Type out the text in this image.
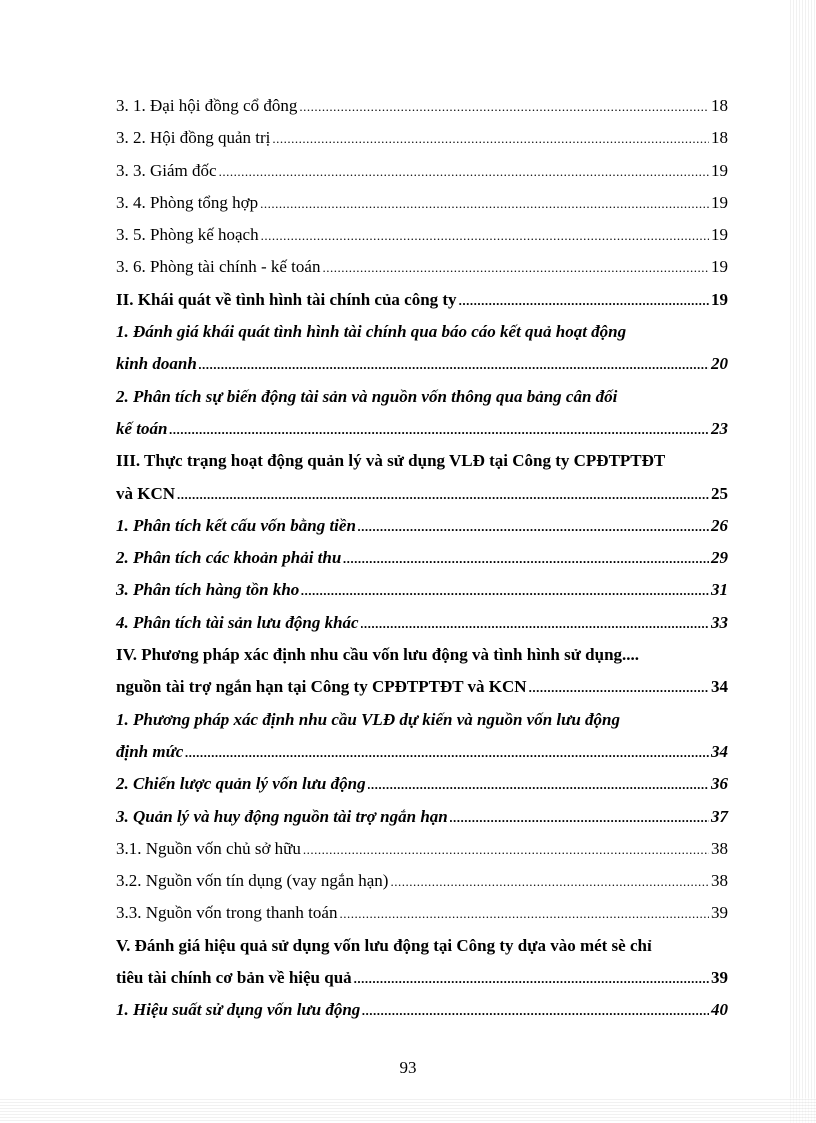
3. 1. Đại hội đồng cổ đông .....	18
3. 2. Hội đồng quản trị .....	18
3. 3. Giám đốc .....	19
3. 4. Phòng tổng hợp .....	19
3. 5. Phòng kế hoạch .....	19
3. 6. Phòng tài chính - kế toán .....	19
II. Khái quát về tình hình tài chính của công ty .....	19
1. Đánh giá khái quát tình hình tài chính qua báo cáo kết quả hoạt động
kinh doanh .....	20
2. Phân tích sự biến động tài sản và nguồn vốn thông qua bảng cân đối
kế toán .....	23
III. Thực trạng hoạt động quản lý và sử dụng VLĐ tại Công ty CPĐTPTĐT
và KCN .....	25
1. Phân tích kết cấu vốn bằng tiền .....	26
2. Phân tích các khoản phải thu .....	29
3. Phân tích hàng tồn kho .....	31
4. Phân tích tài sản lưu động khác .....	33
IV. Phương pháp xác định nhu cầu vốn lưu động và tình hình sử dụng....
nguồn tài trợ ngắn hạn tại Công ty CPĐTPTĐT và KCN .....	34
1. Phương pháp xác định nhu cầu VLĐ dự kiến và nguồn vốn lưu động
định mức .....	34
2. Chiến lược quản lý vốn lưu động .....	36
3. Quản lý và huy động nguồn tài trợ ngắn hạn .....	37
3.1. Nguồn vốn chủ sở hữu .....	38
3.2. Nguồn vốn tín dụng (vay ngắn hạn) .....	38
3.3. Nguồn vốn trong thanh toán .....	39
V. Đánh giá hiệu quả sử dụng vốn lưu động tại Công ty dựa vào mét sè chỉ
tiêu tài chính cơ bản về hiệu quả .....	39
1. Hiệu suất sử dụng vốn lưu động .....	40
93
